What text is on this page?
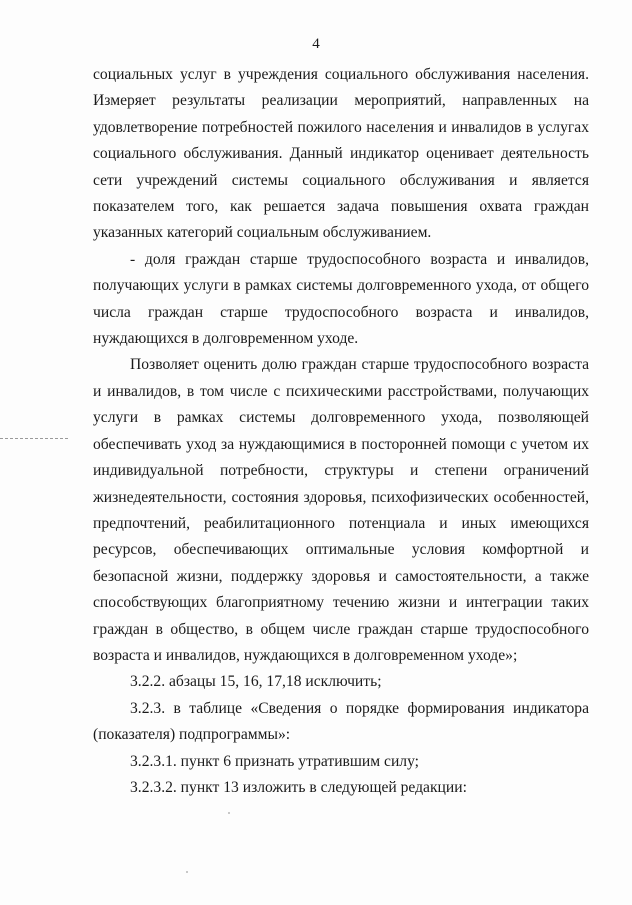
4

социальных услуг в учреждения социального обслуживания населения. Измеряет результаты реализации мероприятий, направленных на удовлетворение потребностей пожилого населения и инвалидов в услугах социального обслуживания. Данный индикатор оценивает деятельность сети учреждений системы социального обслуживания и является показателем того, как решается задача повышения охвата граждан указанных категорий социальным обслуживанием.

- доля граждан старше трудоспособного возраста и инвалидов, получающих услуги в рамках системы долговременного ухода, от общего числа граждан старше трудоспособного возраста и инвалидов, нуждающихся в долговременном уходе.

Позволяет оценить долю граждан старше трудоспособного возраста и инвалидов, в том числе с психическими расстройствами, получающих услуги в рамках системы долговременного ухода, позволяющей обеспечивать уход за нуждающимися в посторонней помощи с учетом их индивидуальной потребности, структуры и степени ограничений жизнедеятельности, состояния здоровья, психофизических особенностей, предпочтений, реабилитационного потенциала и иных имеющихся ресурсов, обеспечивающих оптимальные условия комфортной и безопасной жизни, поддержку здоровья и самостоятельности, а также способствующих благоприятному течению жизни и интеграции таких граждан в общество, в общем числе граждан старше трудоспособного возраста и инвалидов, нуждающихся в долговременном уходе»;

3.2.2. абзацы 15, 16, 17,18 исключить;

3.2.3. в таблице «Сведения о порядке формирования индикатора (показателя) подпрограммы»:

3.2.3.1. пункт 6 признать утратившим силу;

3.2.3.2. пункт 13 изложить в следующей редакции:
